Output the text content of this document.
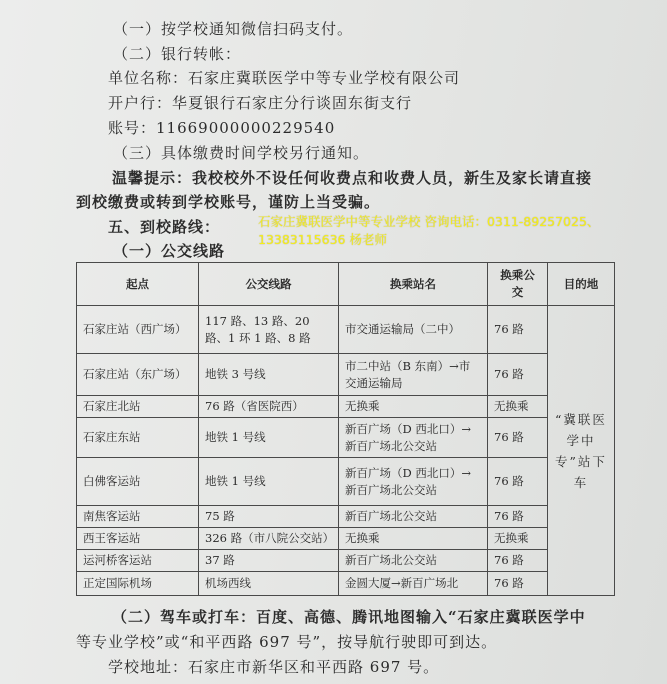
（一）按学校通知微信扫码支付。
（二）银行转帐：
单位名称：石家庄冀联医学中等专业学校有限公司
开户行：华夏银行石家庄分行谈固东街支行
账号：11669000000229540
（三）具体缴费时间学校另行通知。
温馨提示：我校校外不设任何收费点和收费人员，新生及家长请直接
到校缴费或转到学校账号，谨防上当受骗。
五、到校路线：
（一）公交线路
石家庄冀联医学中等专业学校 咨询电话：0311-89257025、
13383115636 杨老师
起点	公交线路	换乘站名	换乘公交	目的地
石家庄站（西广场）	117 路、13 路、20 路、1 环 1 路、8 路	市交通运输局（二中）	76 路	“冀联医学中专”站下车
石家庄站（东广场）	地铁 3 号线	市二中站（B 东南）→市交通运输局	76 路	
石家庄北站	76 路（省医院西）	无换乘	无换乘	
石家庄东站	地铁 1 号线	新百广场（D 西北口）→新百广场北公交站	76 路	
白佛客运站	地铁 1 号线	新百广场（D 西北口）→新百广场北公交站	76 路	
南焦客运站	75 路	新百广场北公交站	76 路	
西王客运站	326 路（市八院公交站）	无换乘	无换乘	
运河桥客运站	37 路	新百广场北公交站	76 路	
正定国际机场	机场西线	金圆大厦→新百广场北	76 路	
（二）驾车或打车：百度、高德、腾讯地图输入“石家庄冀联医学中
等专业学校”或“和平西路 697 号”，按导航行驶即可到达。
学校地址：石家庄市新华区和平西路 697 号。
